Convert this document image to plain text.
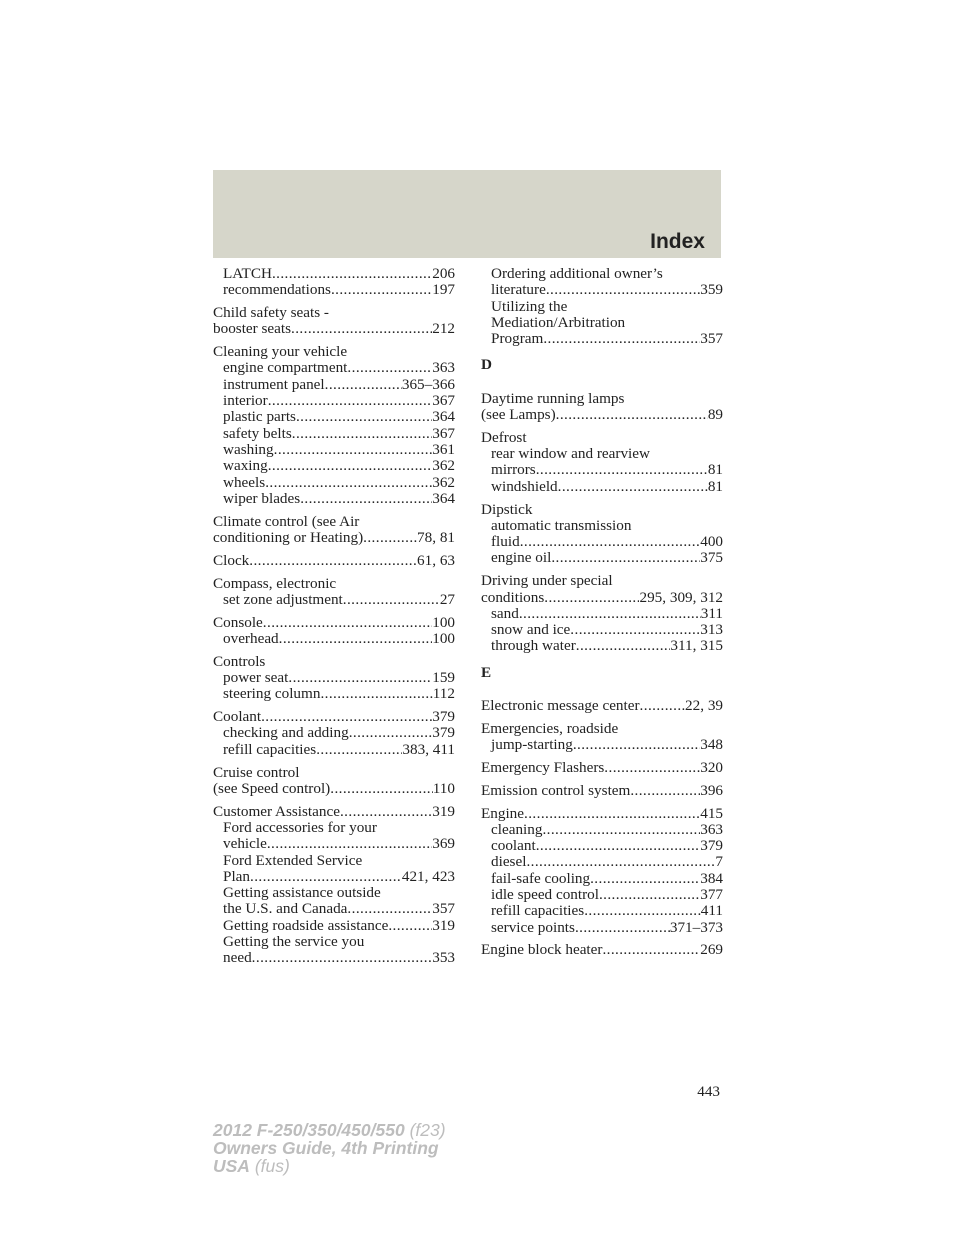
Index
LATCH .....	206
recommendations .....	197
Child safety seats -
booster seats .....	212
Cleaning your vehicle
engine compartment .....	363
instrument panel .....	365–366
interior .....	367
plastic parts .....	364
safety belts .....	367
washing .....	361
waxing .....	362
wheels .....	362
wiper blades .....	364
Climate control (see Air
conditioning or Heating) .....	78, 81
Clock .....	61, 63
Compass, electronic
set zone adjustment .....	27
Console .....	100
overhead .....	100
Controls
power seat .....	159
steering column .....	112
Coolant .....	379
checking and adding .....	379
refill capacities .....	383, 411
Cruise control
(see Speed control) .....	110
Customer Assistance .....	319
Ford accessories for your
vehicle .....	369
Ford Extended Service
Plan .....	421, 423
Getting assistance outside
the U.S. and Canada .....	357
Getting roadside assistance .....	319
Getting the service you
need .....	353
Ordering additional owner’s
literature .....	359
Utilizing the
Mediation/Arbitration
Program .....	357
D
Daytime running lamps
(see Lamps) .....	89
Defrost
rear window and rearview
mirrors .....	81
windshield .....	81
Dipstick
automatic transmission
fluid .....	400
engine oil .....	375
Driving under special
conditions .....	295, 309, 312
sand .....	311
snow and ice .....	313
through water .....	311, 315
E
Electronic message center .....	22, 39
Emergencies, roadside
jump-starting .....	348
Emergency Flashers .....	320
Emission control system .....	396
Engine .....	415
cleaning .....	363
coolant .....	379
diesel .....	7
fail-safe cooling .....	384
idle speed control .....	377
refill capacities .....	411
service points .....	371–373
Engine block heater .....	269
443
2012 F-250/350/450/550 (f23)
Owners Guide, 4th Printing
USA (fus)
